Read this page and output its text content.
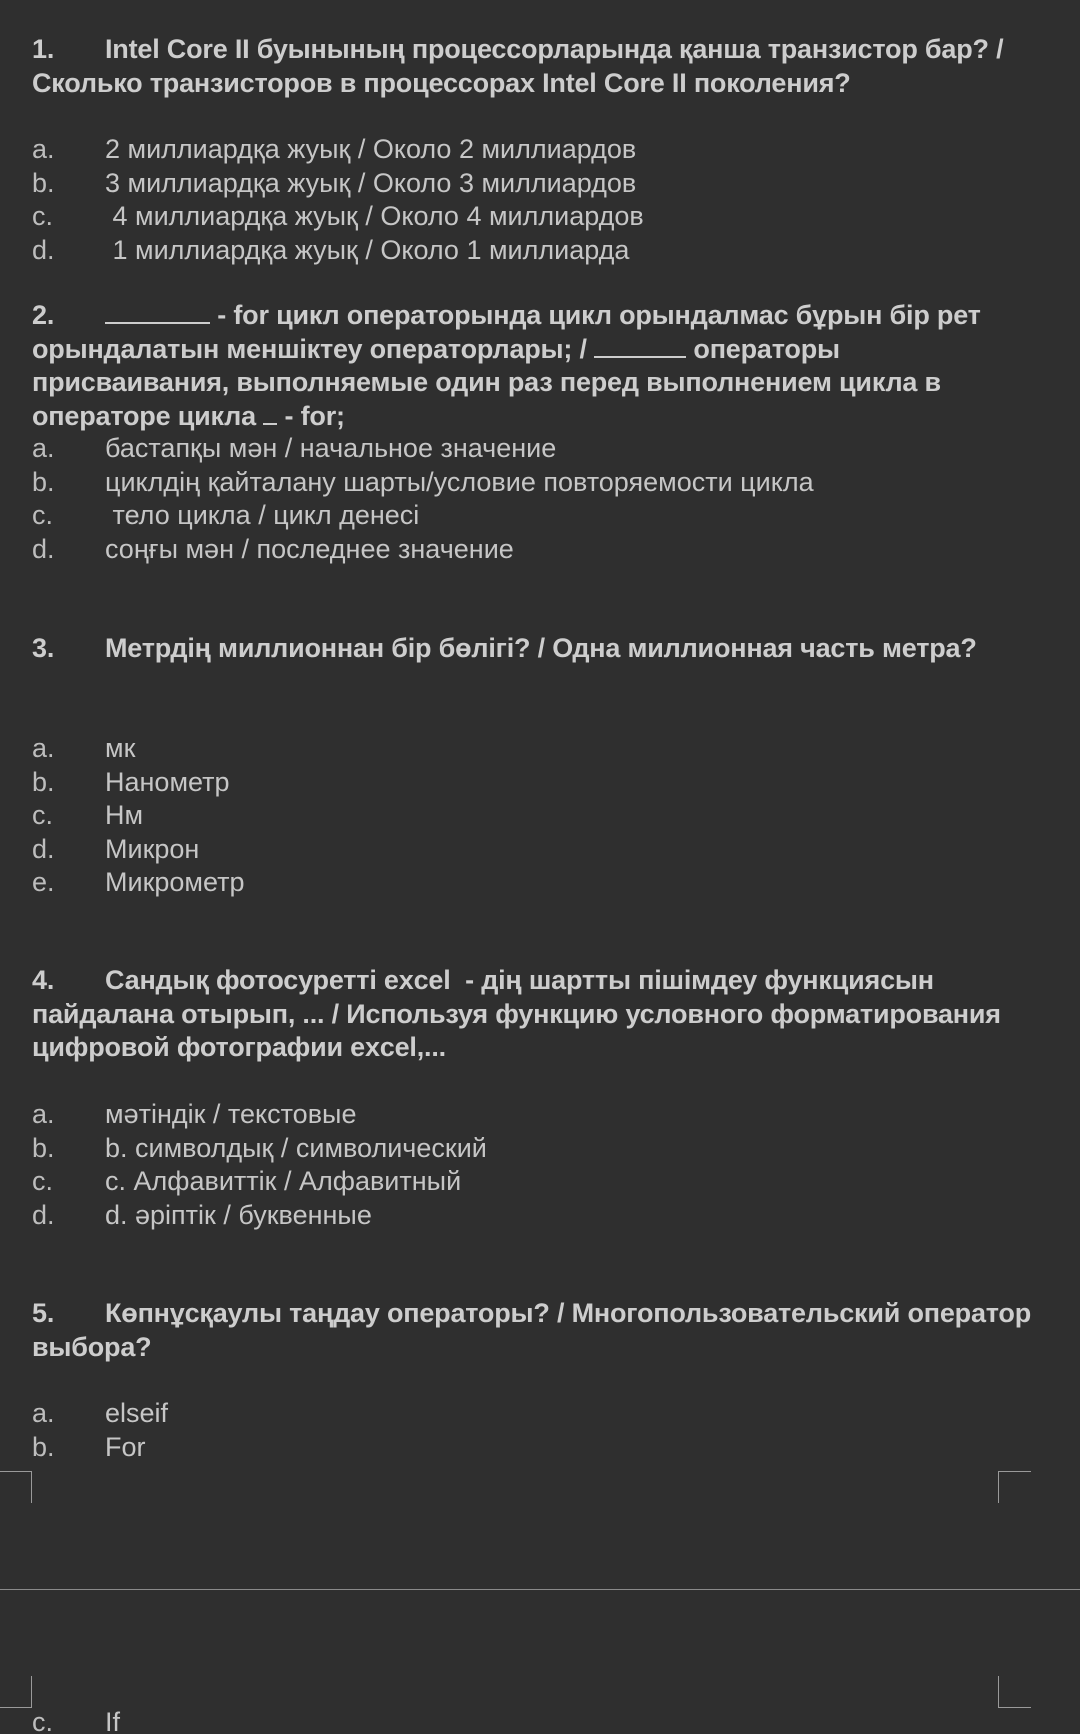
1. Intel Core II буынының процессорларында қанша транзистор бар? / Сколько транзисторов в процессорах Intel Core II поколения?
a. 2 миллиардқа жуық / Около 2 миллиардов
b. 3 миллиардқа жуық / Около 3 миллиардов
c. 4 миллиардқа жуық / Около 4 миллиардов
d. 1 миллиардқа жуық / Около 1 миллиарда
2.	- for цикл операторында цикл орындалмас бұрын бір рет орындалатын меншіктеу операторлары; /	операторы присваивания, выполняемые один раз перед выполнением цикла в операторе цикла  - for;
a. бастапқы мән / начальное значение
b. циклдің қайталану шарты/условие повторяемости цикла
c. тело цикла / цикл денесі
d. соңғы мән / последнее значение
3. Метрдің миллионнан бір бөлігі? / Одна миллионная часть метра?
a. мк
b. Нанометр
c. Нм
d. Микрон
e. Микрометр
4. Сандық фотосуретті excel  - дің шартты пішімдеу функциясын пайдалана отырып, ... / Используя функцию условного форматирования цифровой фотографии excel,...
a. мәтіндік / текстовые
b. b. символдық / символический
c. c. Алфавиттік / Алфавитный
d. d. әріптік / буквенные
5. Көпнұсқаулы таңдау операторы? / Многопользовательский оператор выбора?
a. elseif
b. For
c. If
